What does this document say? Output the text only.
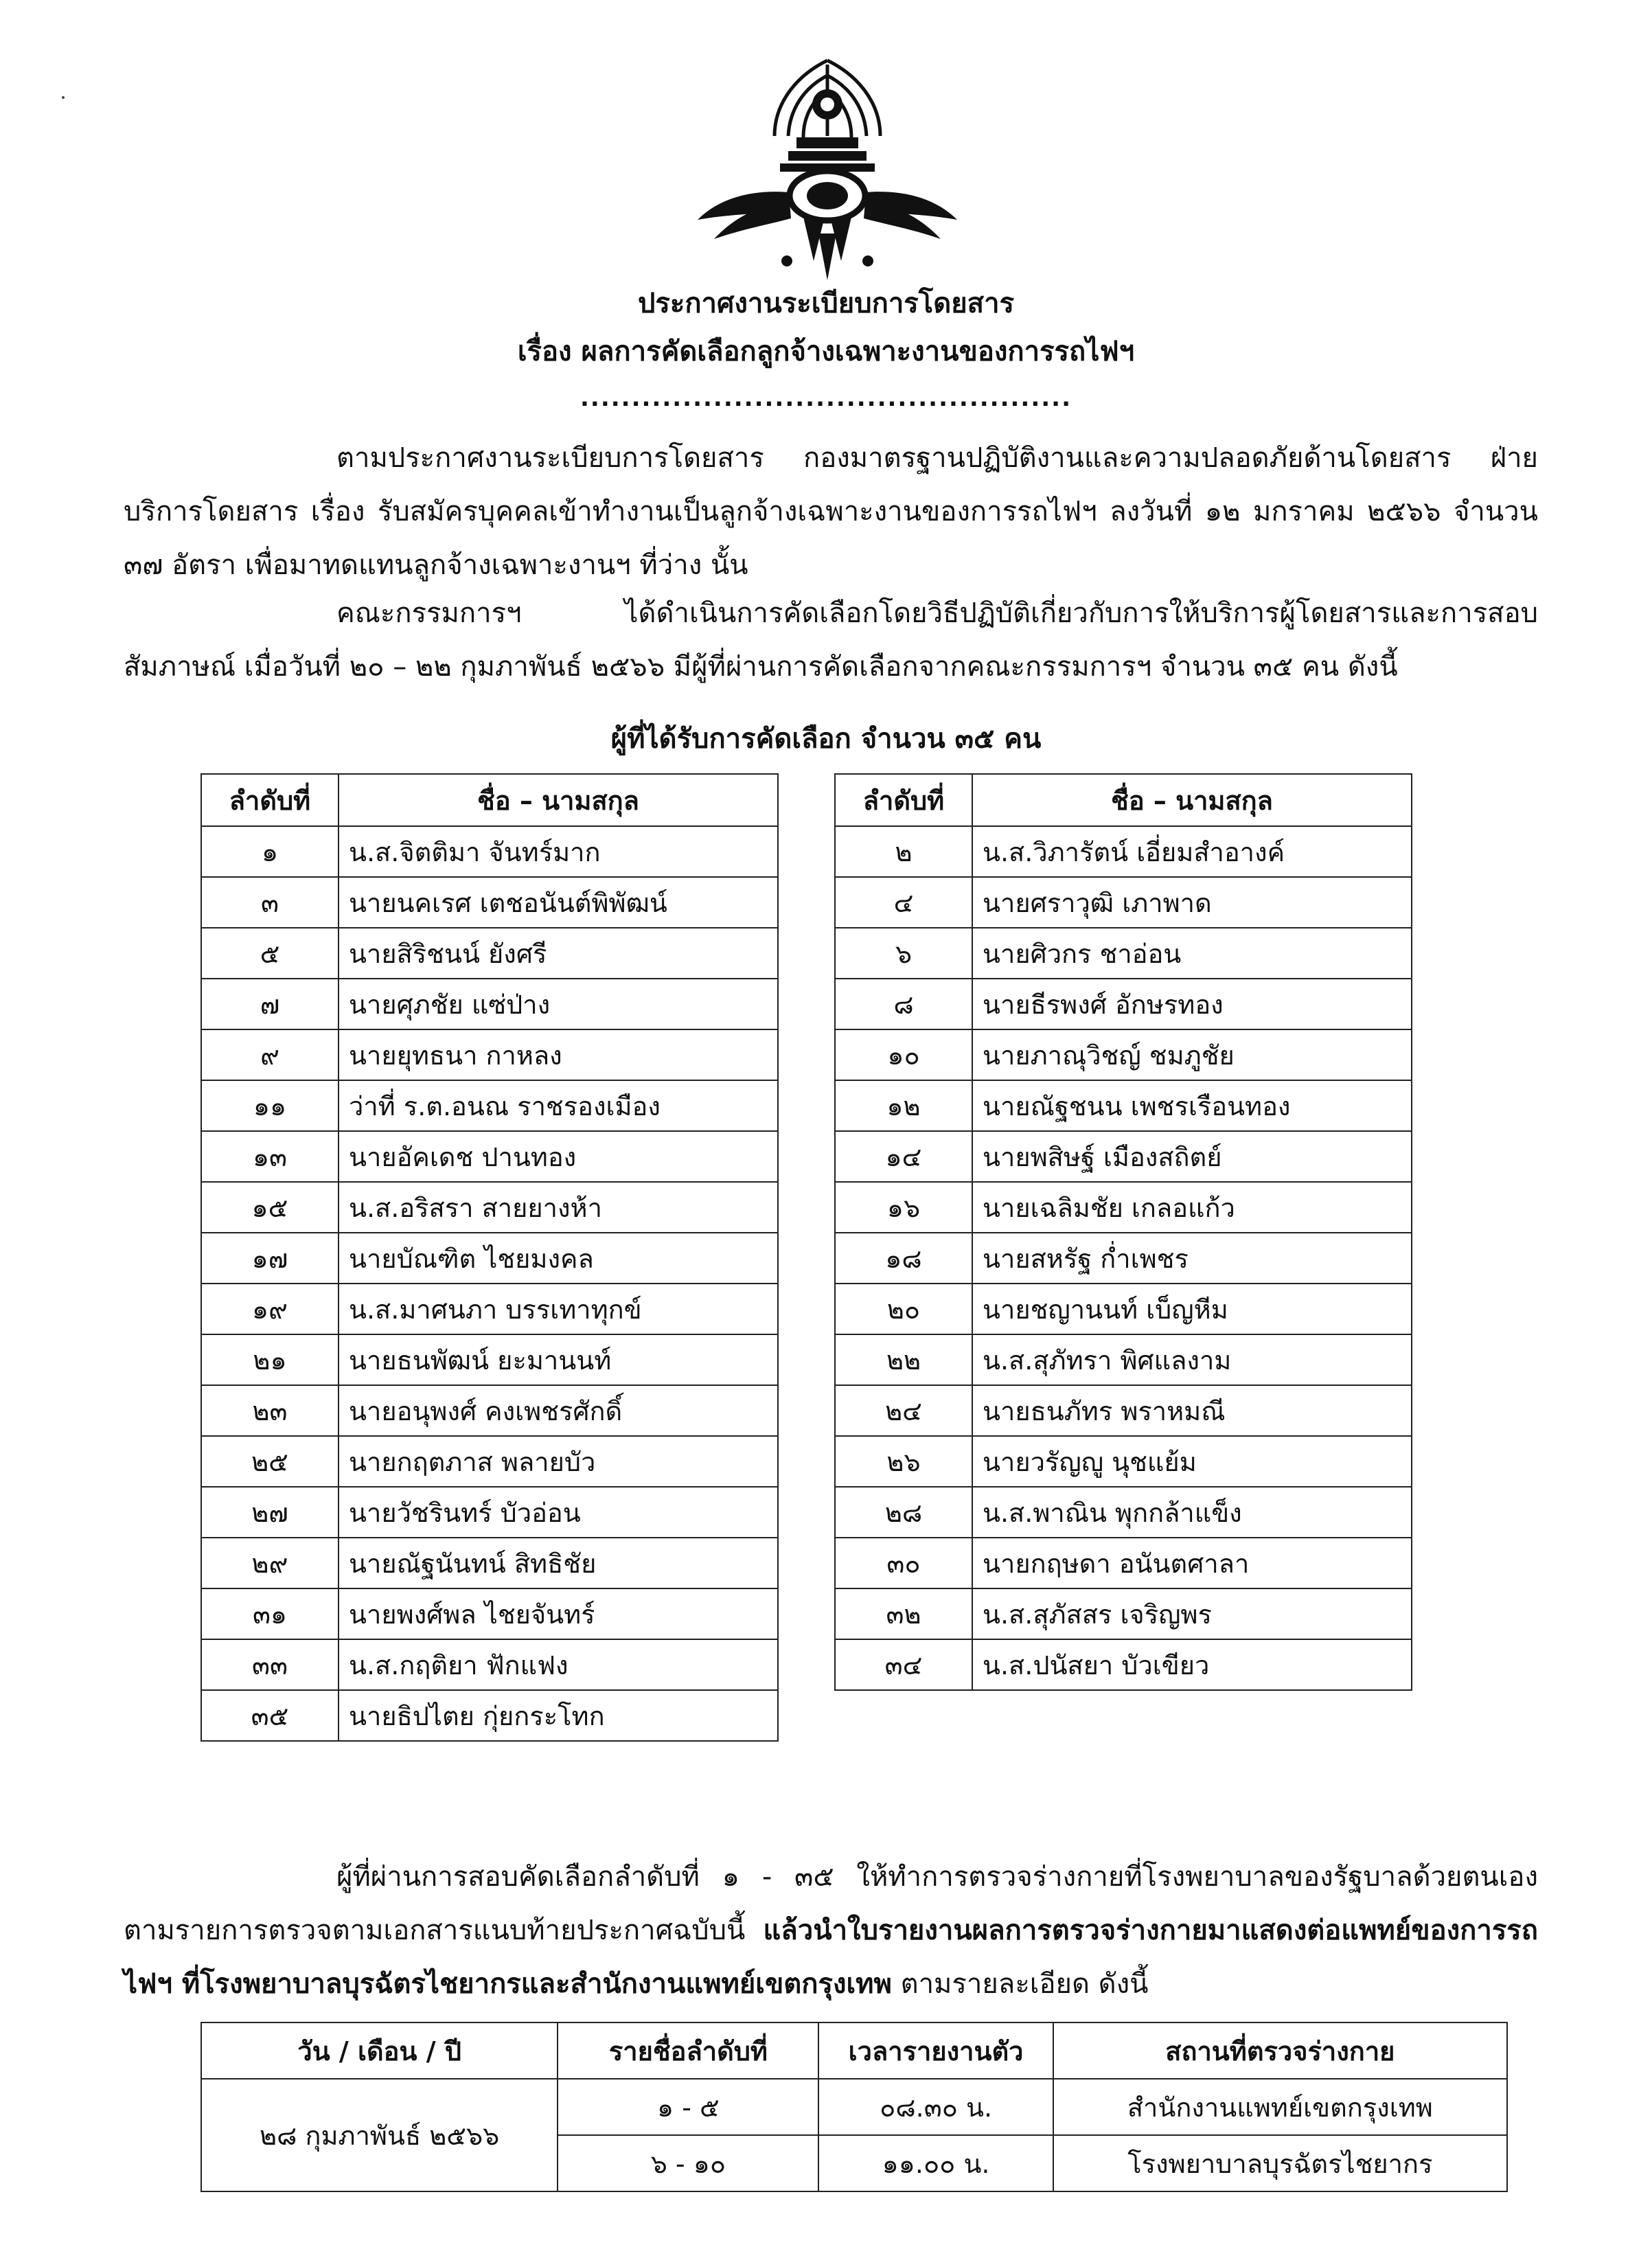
ประกาศงานระเบียบการโดยสาร
เรื่อง ผลการคัดเลือกลูกจ้างเฉพาะงานของการรถไฟฯ
................................................
ตามประกาศงานระเบียบการโดยสาร กองมาตรฐานปฏิบัติงานและความปลอดภัยด้านโดยสาร ฝ่ายบริการโดยสาร เรื่อง รับสมัครบุคคลเข้าทำงานเป็นลูกจ้างเฉพาะงานของการรถไฟฯ ลงวันที่ ๑๒ มกราคม ๒๕๖๖ จำนวน ๓๗ อัตรา เพื่อมาทดแทนลูกจ้างเฉพาะงานฯ ที่ว่าง นั้น
คณะกรรมการฯ ได้ดำเนินการคัดเลือกโดยวิธีปฏิบัติเกี่ยวกับการให้บริการผู้โดยสารและการสอบสัมภาษณ์ เมื่อวันที่ ๒๐ – ๒๒ กุมภาพันธ์ ๒๕๖๖ มีผู้ที่ผ่านการคัดเลือกจากคณะกรรมการฯ จำนวน ๓๕ คน ดังนี้
ผู้ที่ได้รับการคัดเลือก จำนวน ๓๕ คน
ลำดับที่	ชื่อ – นามสกุล
๑	น.ส.จิตติมา จันทร์มาก
๓	นายนคเรศ เตชอนันต์พิพัฒน์
๕	นายสิริชนน์ ยังศรี
๗	นายศุภชัย แซ่ป่าง
๙	นายยุทธนา กาหลง
๑๑	ว่าที่ ร.ต.อนณ ราชรองเมือง
๑๓	นายอัคเดช ปานทอง
๑๕	น.ส.อริสรา สายยางห้า
๑๗	นายบัณฑิต ไชยมงคล
๑๙	น.ส.มาศนภา บรรเทาทุกข์
๒๑	นายธนพัฒน์ ยะมานนท์
๒๓	นายอนุพงศ์ คงเพชรศักดิ์
๒๕	นายกฤตภาส พลายบัว
๒๗	นายวัชรินทร์ บัวอ่อน
๒๙	นายณัฐนันทน์ สิทธิชัย
๓๑	นายพงศ์พล ไชยจันทร์
๓๓	น.ส.กฤติยา ฟักแฟง
๓๕	นายธิปไตย กุ่ยกระโทก
ลำดับที่	ชื่อ – นามสกุล
๒	น.ส.วิภารัตน์ เอี่ยมสำอางค์
๔	นายศราวุฒิ เภาพาด
๖	นายศิวกร ชาอ่อน
๘	นายธีรพงศ์ อักษรทอง
๑๐	นายภาณุวิชญ์ ชมภูชัย
๑๒	นายณัฐชนน เพชรเรือนทอง
๑๔	นายพสิษฐ์ เมืองสถิตย์
๑๖	นายเฉลิมชัย เกลอแก้ว
๑๘	นายสหรัฐ ก่ำเพชร
๒๐	นายชญานนท์ เบ็ญหีม
๒๒	น.ส.สุภัทรา พิศแลงาม
๒๔	นายธนภัทร พราหมณี
๒๖	นายวรัญญู นุชแย้ม
๒๘	น.ส.พาณิน พุกกล้าแข็ง
๓๐	นายกฤษดา อนันตศาลา
๓๒	น.ส.สุภัสสร เจริญพร
๓๔	น.ส.ปนัสยา บัวเขียว
ผู้ที่ผ่านการสอบคัดเลือกลำดับที่ ๑ - ๓๕ ให้ทำการตรวจร่างกายที่โรงพยาบาลของรัฐบาลด้วยตนเอง ตามรายการตรวจตามเอกสารแนบท้ายประกาศฉบับนี้ แล้วนำใบรายงานผลการตรวจร่างกายมาแสดงต่อแพทย์ของการรถไฟฯ ที่โรงพยาบาลบุรฉัตรไชยากรและสำนักงานแพทย์เขตกรุงเทพ ตามรายละเอียด ดังนี้
วัน / เดือน / ปี	รายชื่อลำดับที่	เวลารายงานตัว	สถานที่ตรวจร่างกาย
๒๘ กุมภาพันธ์ ๒๕๖๖	๑ - ๕	๐๘.๓๐ น.	สำนักงานแพทย์เขตกรุงเทพ
	๖ - ๑๐	๑๑.๐๐ น.	โรงพยาบาลบุรฉัตรไชยากร
